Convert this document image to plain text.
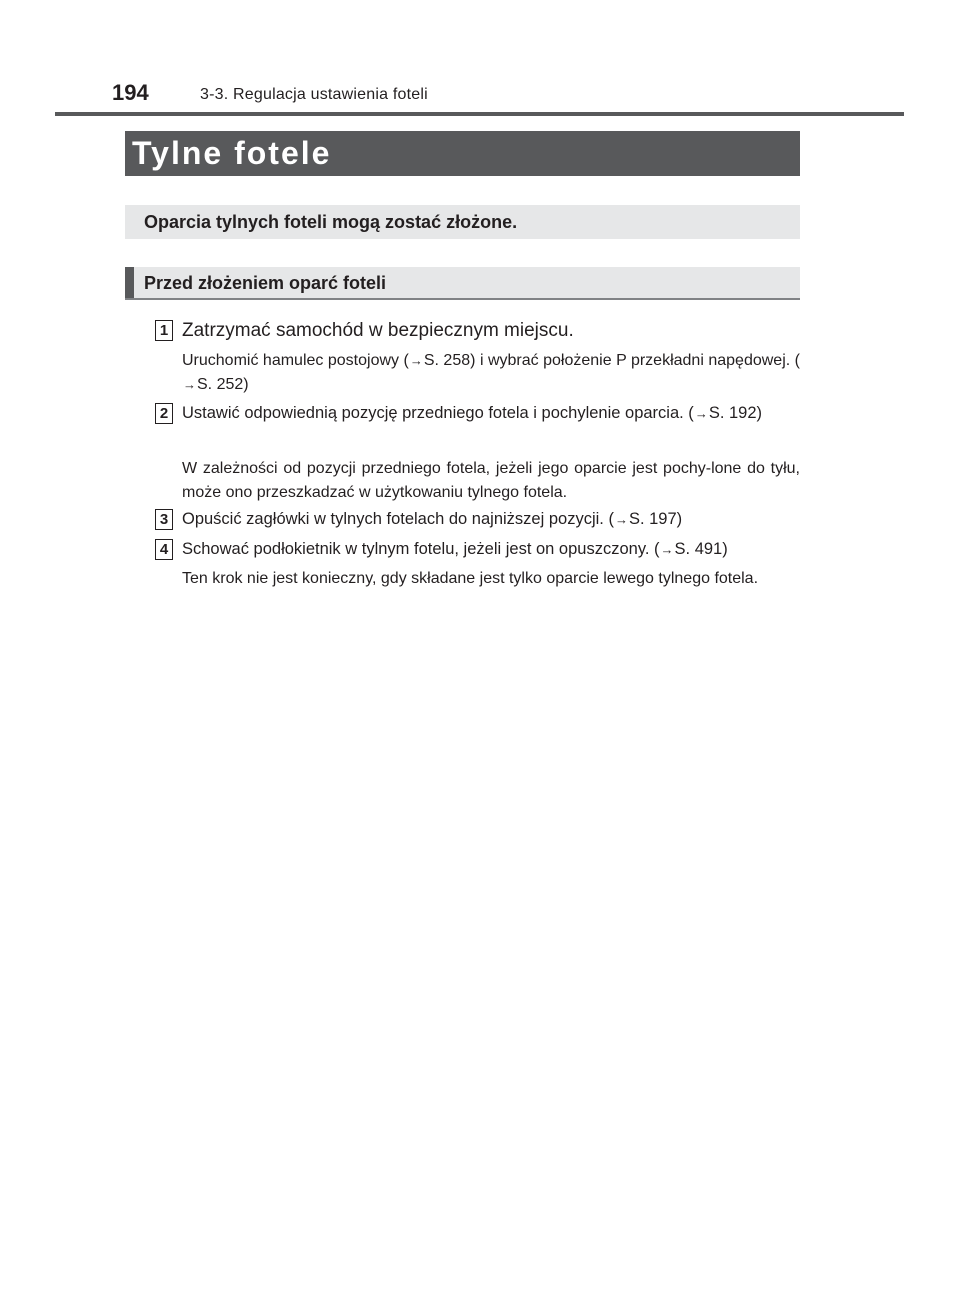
194	3-3. Regulacja ustawienia foteli
Tylne fotele
Oparcia tylnych foteli mogą zostać złożone.
Przed złożeniem oparć foteli
1 Zatrzymać samochód w bezpiecznym miejscu.
Uruchomić hamulec postojowy (→S. 258) i wybrać położenie P przekładni napędowej. (→S. 252)
2 Ustawić odpowiednią pozycję przedniego fotela i pochylenie oparcia. (→S. 192)
W zależności od pozycji przedniego fotela, jeżeli jego oparcie jest pochy-lone do tyłu, może ono przeszkadzać w użytkowaniu tylnego fotela.
3 Opuścić zagłówki w tylnych fotelach do najniższej pozycji. (→S. 197)
4 Schować podłokietnik w tylnym fotelu, jeżeli jest on opuszczony. (→S. 491)
Ten krok nie jest konieczny, gdy składane jest tylko oparcie lewego tylnego fotela.
